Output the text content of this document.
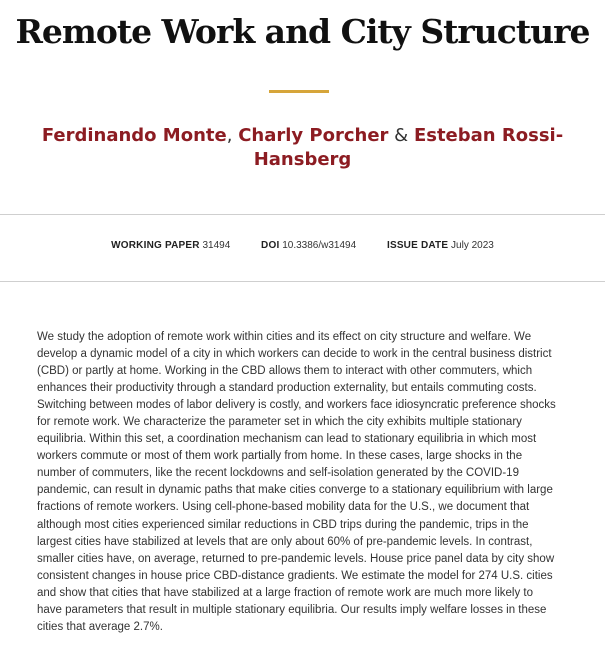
Remote Work and City Structure
Ferdinando Monte, Charly Porcher & Esteban Rossi-Hansberg
WORKING PAPER 31494	DOI 10.3386/w31494	ISSUE DATE July 2023

We study the adoption of remote work within cities and its effect on city structure and welfare. We develop a dynamic model of a city in which workers can decide to work in the central business district (CBD) or partly at home. Working in the CBD allows them to interact with other commuters, which enhances their productivity through a standard production externality, but entails commuting costs. Switching between modes of labor delivery is costly, and workers face idiosyncratic preference shocks for remote work. We characterize the parameter set in which the city exhibits multiple stationary equilibria. Within this set, a coordination mechanism can lead to stationary equilibria in which most workers commute or most of them work partially from home. In these cases, large shocks in the number of commuters, like the recent lockdowns and self-isolation generated by the COVID-19 pandemic, can result in dynamic paths that make cities converge to a stationary equilibrium with large fractions of remote workers. Using cell-phone-based mobility data for the U.S., we document that although most cities experienced similar reductions in CBD trips during the pandemic, trips in the largest cities have stabilized at levels that are only about 60% of pre-pandemic levels. In contrast, smaller cities have, on average, returned to pre-pandemic levels. House price panel data by city show consistent changes in house price CBD-distance gradients. We estimate the model for 274 U.S. cities and show that cities that have stabilized at a large fraction of remote work are much more likely to have parameters that result in multiple stationary equilibria. Our results imply welfare losses in these cities that average 2.7%.
